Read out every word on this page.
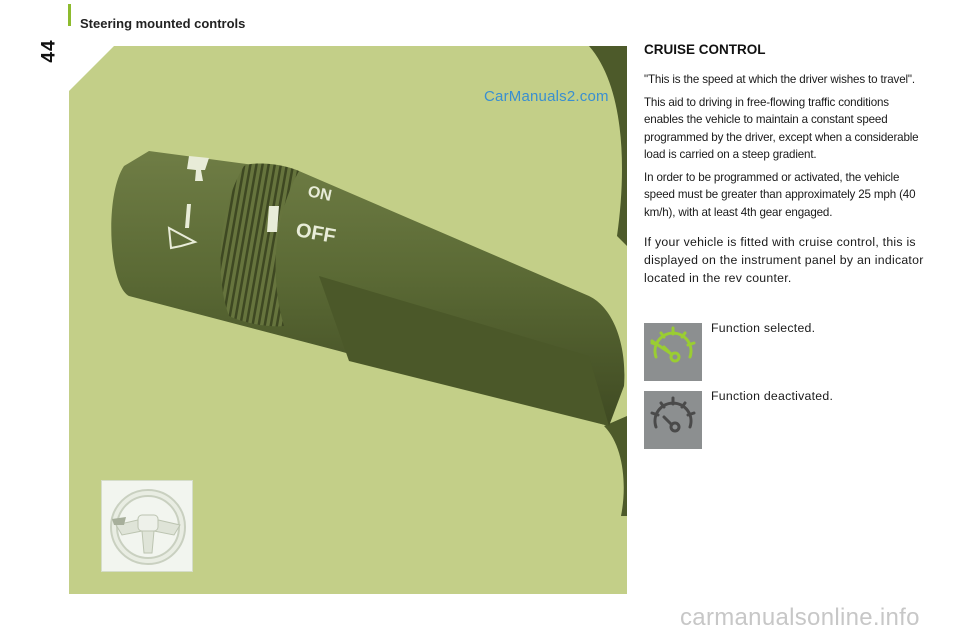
44
Steering mounted controls
ON
OFF
CarManuals2.com
CRUISE CONTROL
"This is the speed at which the driver wishes to travel".
This aid to driving in free-flowing traffic conditions enables the vehicle to maintain a constant speed programmed by the driver, except when a considerable load is carried on a steep gradient.
In order to be programmed or activated, the vehicle speed must be greater than approximately 25 mph (40 km/h), with at least 4th gear engaged.
If your vehicle is fitted with cruise control, this is displayed on the instrument panel by an indicator located in the rev counter.
Function selected.
Function deactivated.
carmanualsonline.info
